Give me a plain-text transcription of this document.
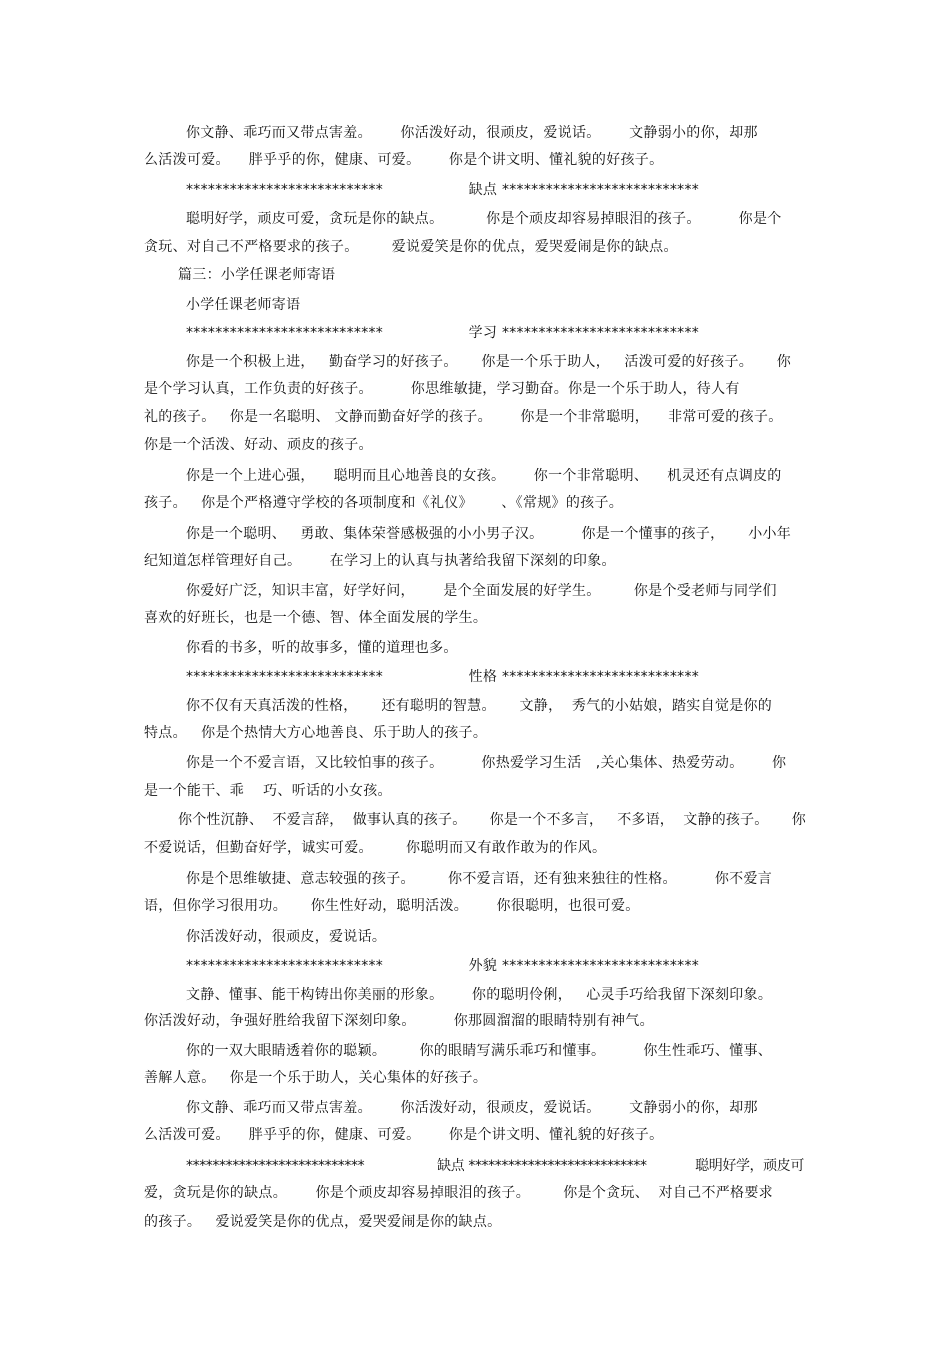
你文静、乖巧而又带点害羞。      你活泼好动，很顽皮，爱说话。      文静弱小的你，却那
么活泼可爱。    胖乎乎的你，健康、可爱。      你是个讲文明、懂礼貌的好孩子。
***************************                  缺点 ***************************
聪明好学，顽皮可爱，贪玩是你的缺点。         你是个顽皮却容易掉眼泪的孩子。        你是个
贪玩、对自己不严格要求的孩子。       爱说爱笑是你的优点，爱哭爱闹是你的缺点。
篇三：小学任课老师寄语
小学任课老师寄语
***************************                  学习 ***************************
你是一个积极上进，   勤奋学习的好孩子。     你是一个乐于助人，   活泼可爱的好孩子。     你
是个学习认真，工作负责的好孩子。        你思维敏捷，学习勤奋。你是一个乐于助人，待人有
礼的孩子。   你是一名聪明、 文静而勤奋好学的孩子。      你是一个非常聪明，    非常可爱的孩子。
你是一个活泼、好动、顽皮的孩子。
你是一个上进心强，    聪明而且心地善良的女孩。      你一个非常聪明、    机灵还有点调皮的
孩子。   你是个严格遵守学校的各项制度和《礼仪》      、《常规》的孩子。
你是一个聪明、   勇敢、集体荣誉感极强的小小男子汉。        你是一个懂事的孩子，     小小年
纪知道怎样管理好自己。      在学习上的认真与执著给我留下深刻的印象。
你爱好广泛，知识丰富，好学好问，      是个全面发展的好学生。       你是个受老师与同学们
喜欢的好班长，也是一个德、智、体全面发展的学生。
你看的书多，听的故事多，懂的道理也多。
***************************                  性格 ***************************
你不仅有天真活泼的性格，     还有聪明的智慧。     文静，  秀气的小姑娘，踏实自觉是你的
特点。   你是个热情大方心地善良、乐于助人的孩子。
你是一个不爱言语，又比较怕事的孩子。        你热爱学习生活   ,关心集体、热爱劳动。      你
是一个能干、乖    巧、听话的小女孩。
你个性沉静、  不爱言辞，  做事认真的孩子。     你是一个不多言，   不多语，  文静的孩子。     你
不爱说话，但勤奋好学，诚实可爱。       你聪明而又有敢作敢为的作风。
你是个思维敏捷、意志较强的孩子。       你不爱言语，还有独来独往的性格。        你不爱言
语，但你学习很用功。     你生性好动，聪明活泼。      你很聪明，也很可爱。
你活泼好动，很顽皮，爱说话。
***************************                  外貌 ***************************
文静、懂事、能干构铸出你美丽的形象。      你的聪明伶俐，   心灵手巧给我留下深刻印象。
你活泼好动，争强好胜给我留下深刻印象。        你那圆溜溜的眼睛特别有神气。
你的一双大眼睛透着你的聪颖。       你的眼睛写满乐乖巧和懂事。        你生性乖巧、懂事、
善解人意。   你是一个乐于助人，关心集体的好孩子。
你文静、乖巧而又带点害羞。      你活泼好动，很顽皮，爱说话。      文静弱小的你，却那
么活泼可爱。    胖乎乎的你，健康、可爱。      你是个讲文明、懂礼貌的好孩子。
***************************                  缺点 ***************************            聪明好学，顽皮可
爱，贪玩是你的缺点。      你是个顽皮却容易掉眼泪的孩子。       你是个贪玩、  对自己不严格要求
的孩子。   爱说爱笑是你的优点，爱哭爱闹是你的缺点。
